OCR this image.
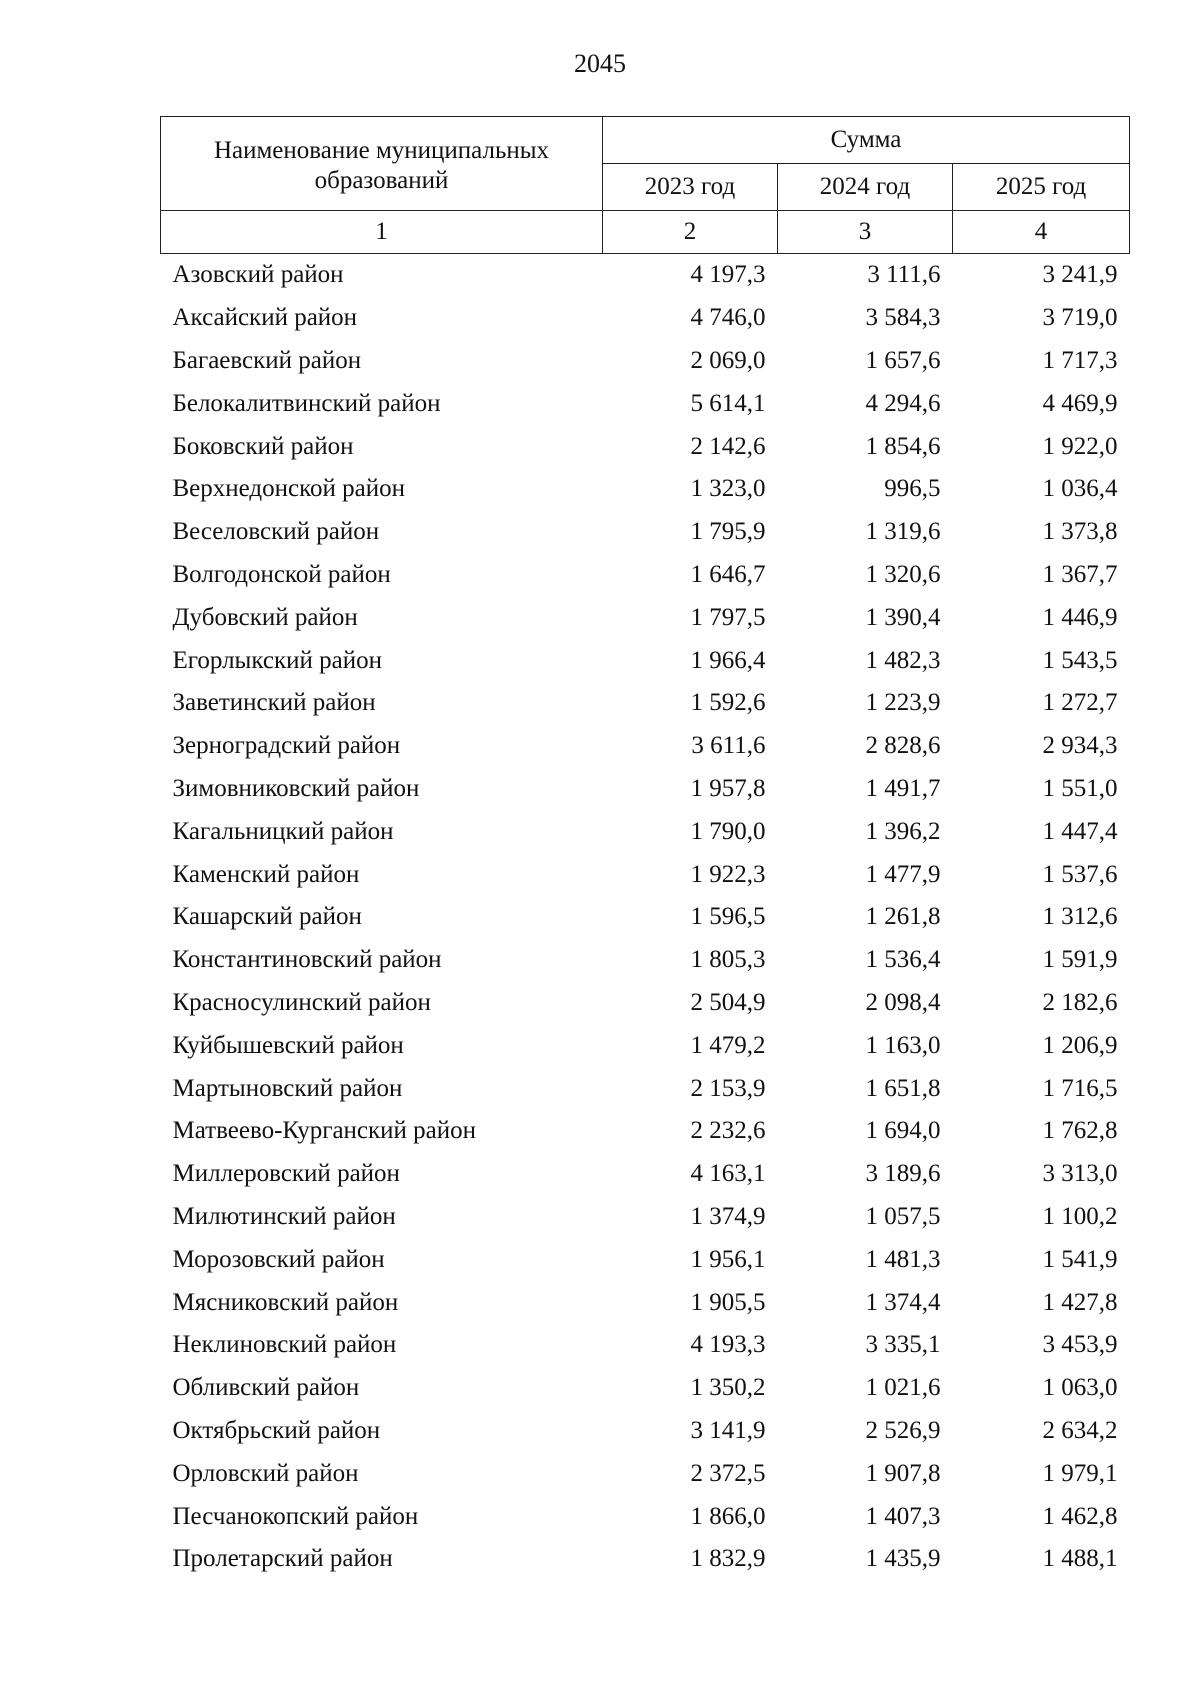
2045
Наименование муниципальных образований	Сумма		
	2023 год	2024 год	2025 год
1	2	3	4
Азовский район	4 197,3	3 111,6	3 241,9
Аксайский район	4 746,0	3 584,3	3 719,0
Багаевский район	2 069,0	1 657,6	1 717,3
Белокалитвинский район	5 614,1	4 294,6	4 469,9
Боковский район	2 142,6	1 854,6	1 922,0
Верхнедонской район	1 323,0	996,5	1 036,4
Веселовский район	1 795,9	1 319,6	1 373,8
Волгодонской район	1 646,7	1 320,6	1 367,7
Дубовский район	1 797,5	1 390,4	1 446,9
Егорлыкский район	1 966,4	1 482,3	1 543,5
Заветинский район	1 592,6	1 223,9	1 272,7
Зерноградский район	3 611,6	2 828,6	2 934,3
Зимовниковский район	1 957,8	1 491,7	1 551,0
Кагальницкий район	1 790,0	1 396,2	1 447,4
Каменский район	1 922,3	1 477,9	1 537,6
Кашарский район	1 596,5	1 261,8	1 312,6
Константиновский район	1 805,3	1 536,4	1 591,9
Красносулинский район	2 504,9	2 098,4	2 182,6
Куйбышевский район	1 479,2	1 163,0	1 206,9
Мартыновский район	2 153,9	1 651,8	1 716,5
Матвеево-Курганский район	2 232,6	1 694,0	1 762,8
Миллеровский район	4 163,1	3 189,6	3 313,0
Милютинский район	1 374,9	1 057,5	1 100,2
Морозовский район	1 956,1	1 481,3	1 541,9
Мясниковский район	1 905,5	1 374,4	1 427,8
Неклиновский район	4 193,3	3 335,1	3 453,9
Обливский район	1 350,2	1 021,6	1 063,0
Октябрьский район	3 141,9	2 526,9	2 634,2
Орловский район	2 372,5	1 907,8	1 979,1
Песчанокопский район	1 866,0	1 407,3	1 462,8
Пролетарский район	1 832,9	1 435,9	1 488,1
